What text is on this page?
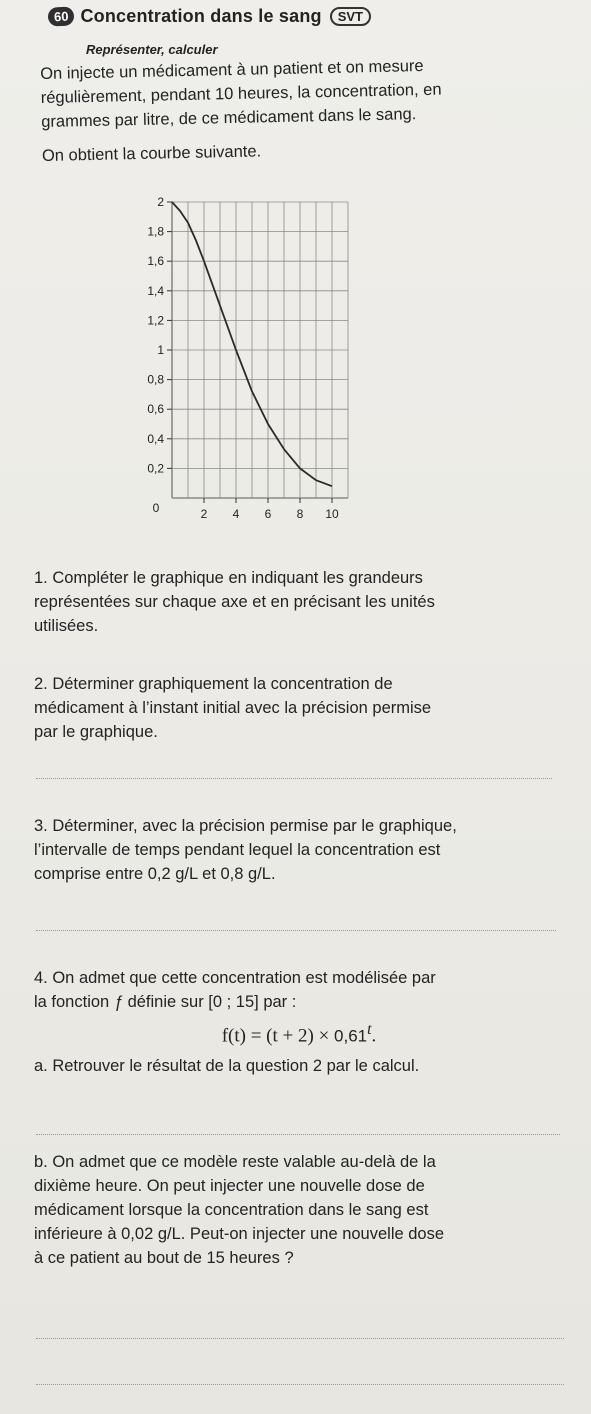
60 Concentration dans le sang	SVT
Représenter, calculer

On injecte un médicament à un patient et on mesure

régulièrement, pendant 10 heures, la concentration, en

grammes par litre, de ce médicament dans le sang.

On obtient la courbe suivante.

0,2
0,4
0,6
0,8
1
1,2
1,4
1,6
1,8
2
2 4 6 8 10
0

1. Compléter le graphique en indiquant les grandeurs

représentées sur chaque axe et en précisant les unités

utilisées.

2. Déterminer graphiquement la concentration de

médicament à l’instant initial avec la précision permise

par le graphique.

3. Déterminer, avec la précision permise par le graphique,

l’intervalle de temps pendant lequel la concentration est

comprise entre 0,2 g/L et 0,8 g/L.

4. On admet que cette concentration est modélisée par

la fonction ƒ définie sur [0 ; 15] par :

$f(t) = (t + 2) \times 0,61^t$.

a. Retrouver le résultat de la question 2 par le calcul.

b. On admet que ce modèle reste valable au-delà de la

dixième heure. On peut injecter une nouvelle dose de

médicament lorsque la concentration dans le sang est

inférieure à 0,02 g/L. Peut-on injecter une nouvelle dose

à ce patient au bout de 15 heures ?
